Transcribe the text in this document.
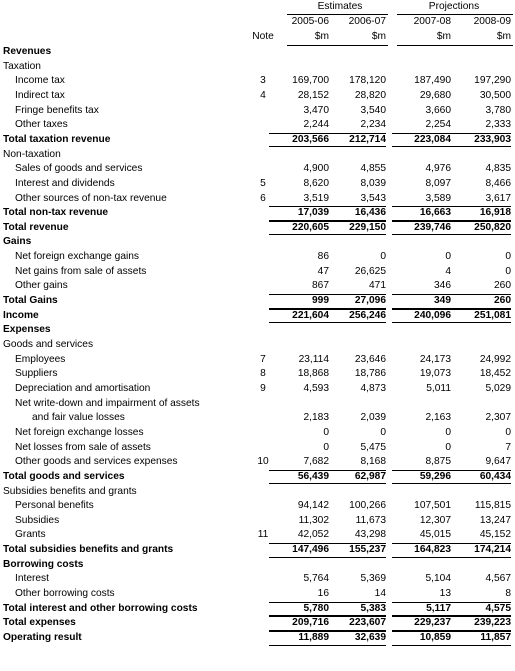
Estimates	Projections
2005-06	2006-07	2007-08	2008-09
Note	$m	$m	$m	$m
Revenues
Taxation
Income tax	3	169,700	178,120	187,490	197,290
Indirect tax	4	28,152	28,820	29,680	30,500
Fringe benefits tax	3,470	3,540	3,660	3,780
Other taxes	2,244	2,234	2,254	2,333
Total taxation revenue	203,566	212,714	223,084	233,903
Non-taxation
Sales of goods and services	4,900	4,855	4,976	4,835
Interest and dividends	5	8,620	8,039	8,097	8,466
Other sources of non-tax revenue	6	3,519	3,543	3,589	3,617
Total non-tax revenue	17,039	16,436	16,663	16,918
Total revenue	220,605	229,150	239,746	250,820
Gains
Net foreign exchange gains	86	0	0	0
Net gains from sale of assets	47	26,625	4	0
Other gains	867	471	346	260
Total Gains	999	27,096	349	260
Income	221,604	256,246	240,096	251,081
Expenses
Goods and services
Employees	7	23,114	23,646	24,173	24,992
Suppliers	8	18,868	18,786	19,073	18,452
Depreciation and amortisation	9	4,593	4,873	5,011	5,029
Net write-down and impairment of assets
and fair value losses	2,183	2,039	2,163	2,307
Net foreign exchange losses	0	0	0	0
Net losses from sale of assets	0	5,475	0	7
Other goods and services expenses	10	7,682	8,168	8,875	9,647
Total goods and services	56,439	62,987	59,296	60,434
Subsidies benefits and grants
Personal benefits	94,142	100,266	107,501	115,815
Subsidies	11,302	11,673	12,307	13,247
Grants	11	42,052	43,298	45,015	45,152
Total subsidies benefits and grants	147,496	155,237	164,823	174,214
Borrowing costs
Interest	5,764	5,369	5,104	4,567
Other borrowing costs	16	14	13	8
Total interest and other borrowing costs	5,780	5,383	5,117	4,575
Total expenses	209,716	223,607	229,237	239,223
Operating result	11,889	32,639	10,859	11,857
